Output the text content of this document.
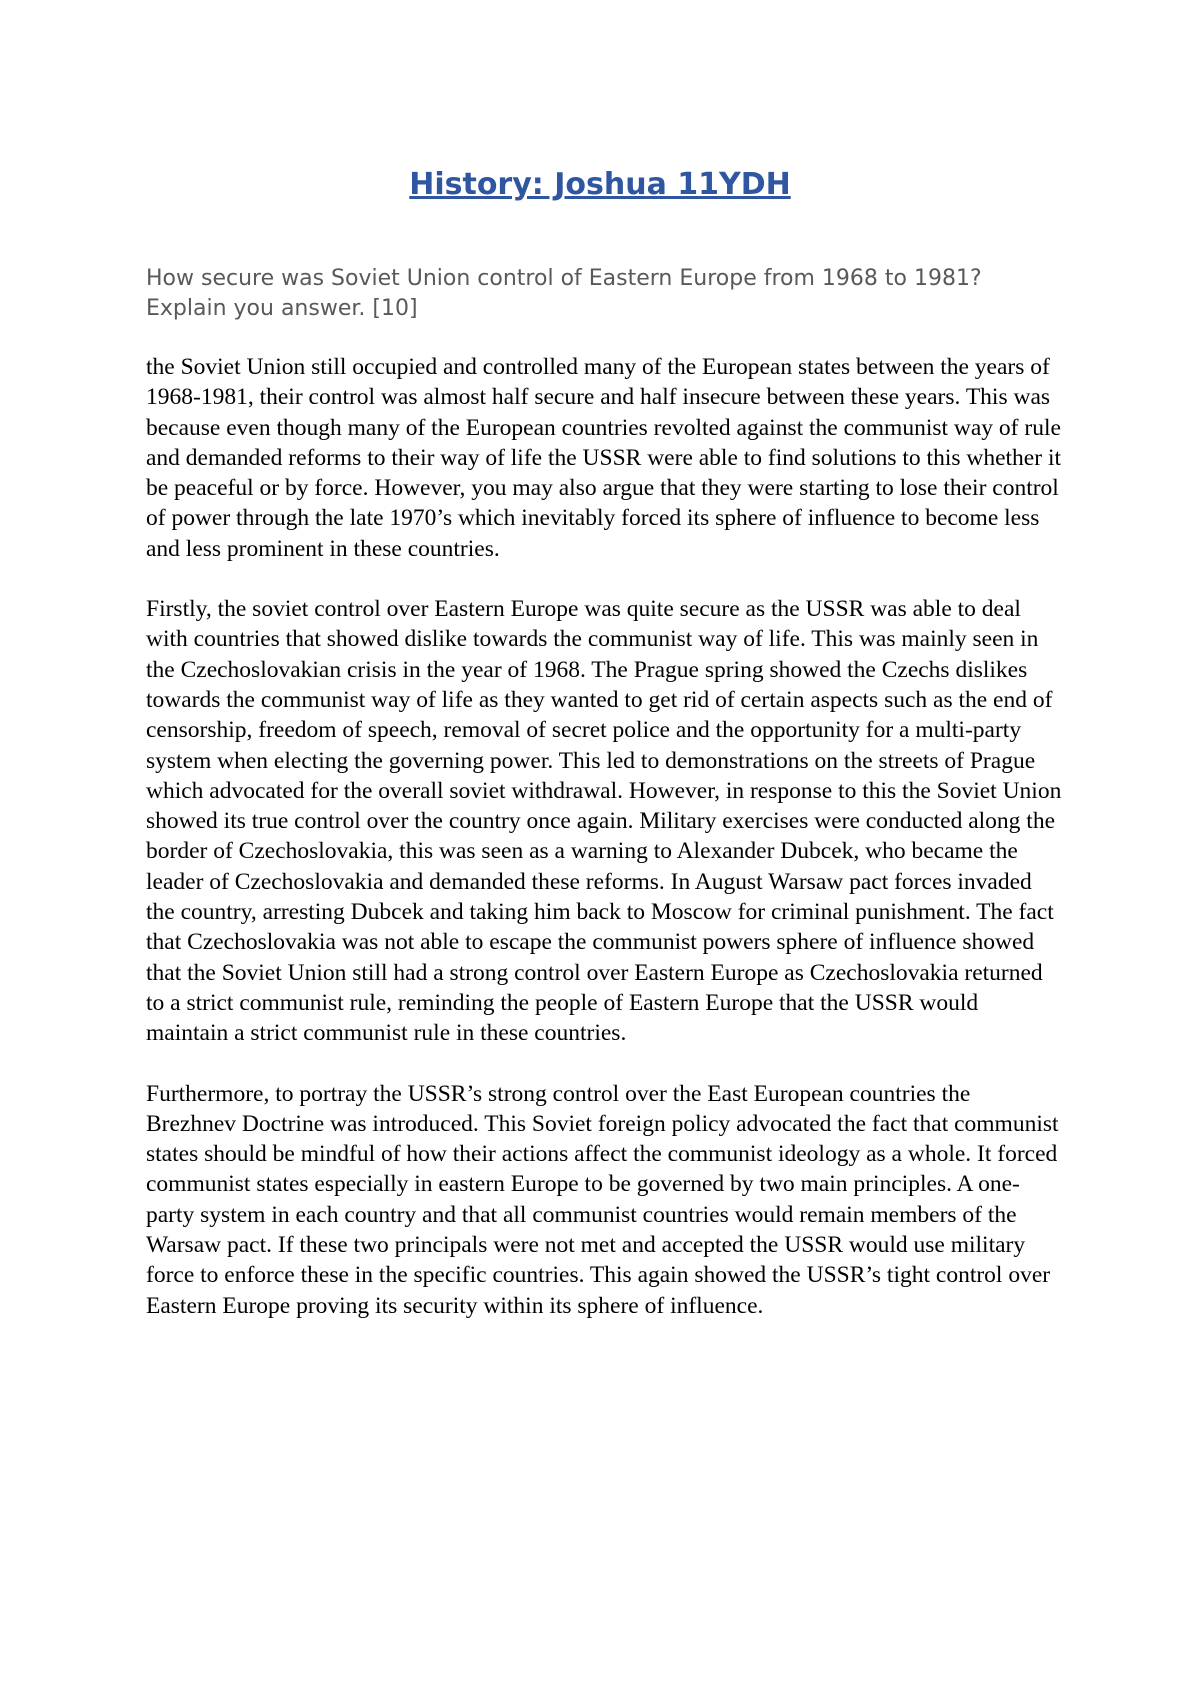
History: Joshua 11YDH

How secure was Soviet Union control of Eastern Europe from 1968 to 1981? Explain you answer. [10]

the Soviet Union still occupied and controlled many of the European states between the years of 1968-1981, their control was almost half secure and half insecure between these years. This was because even though many of the European countries revolted against the communist way of rule and demanded reforms to their way of life the USSR were able to find solutions to this whether it be peaceful or by force. However, you may also argue that they were starting to lose their control of power through the late 1970’s which inevitably forced its sphere of influence to become less and less prominent in these countries.

Firstly, the soviet control over Eastern Europe was quite secure as the USSR was able to deal with countries that showed dislike towards the communist way of life. This was mainly seen in the Czechoslovakian crisis in the year of 1968. The Prague spring showed the Czechs dislikes towards the communist way of life as they wanted to get rid of certain aspects such as the end of censorship, freedom of speech, removal of secret police and the opportunity for a multi-party system when electing the governing power. This led to demonstrations on the streets of Prague which advocated for the overall soviet withdrawal. However, in response to this the Soviet Union showed its true control over the country once again. Military exercises were conducted along the border of Czechoslovakia, this was seen as a warning to Alexander Dubcek, who became the leader of Czechoslovakia and demanded these reforms. In August Warsaw pact forces invaded the country, arresting Dubcek and taking him back to Moscow for criminal punishment. The fact that Czechoslovakia was not able to escape the communist powers sphere of influence showed that the Soviet Union still had a strong control over Eastern Europe as Czechoslovakia returned to a strict communist rule, reminding the people of Eastern Europe that the USSR would maintain a strict communist rule in these countries.

Furthermore, to portray the USSR’s strong control over the East European countries the Brezhnev Doctrine was introduced. This Soviet foreign policy advocated the fact that communist states should be mindful of how their actions affect the communist ideology as a whole. It forced communist states especially in eastern Europe to be governed by two main principles. A one-party system in each country and that all communist countries would remain members of the Warsaw pact. If these two principals were not met and accepted the USSR would use military force to enforce these in the specific countries. This again showed the USSR’s tight control over Eastern Europe proving its security within its sphere of influence.
